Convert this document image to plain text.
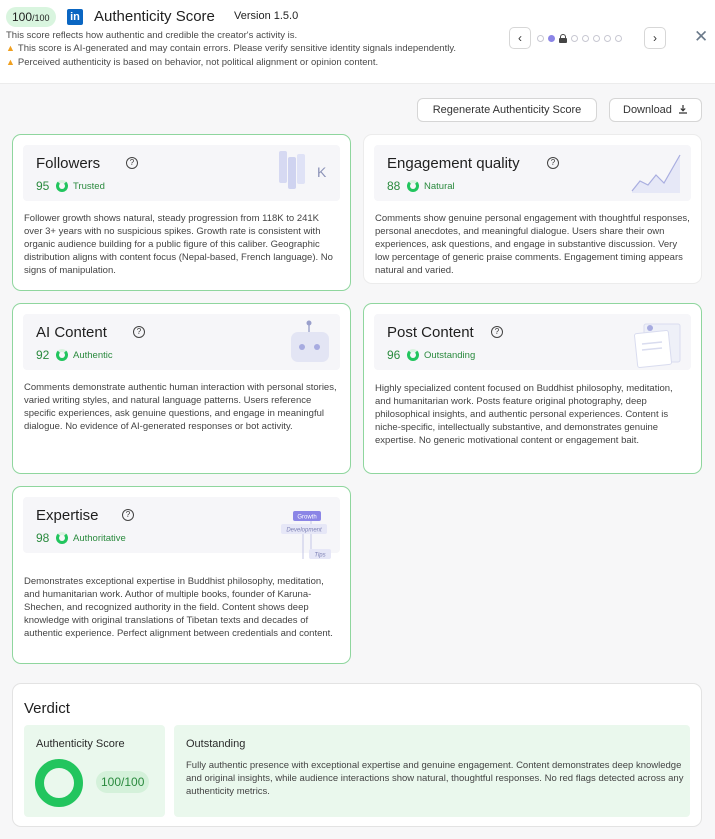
100/100	in Authenticity Score Version 1.5.0
This score reflects how authentic and credible the creator's activity is.
▲ This score is AI-generated and may contain errors. Please verify sensitive identity signals independently.
▲ Perceived authenticity is based on behavior, not political alignment or opinion content.
‹	›	✕
Regenerate Authenticity Score	Download
Followers	?
95 Trusted
K
Follower growth shows natural, steady progression from 118K to 241K over 3+ years with no suspicious spikes. Growth rate is consistent with organic audience building for a public figure of this caliber. Geographic distribution aligns with content focus (Nepal-based, French language). No signs of manipulation.
Engagement quality	?
88 Natural
Comments show genuine personal engagement with thoughtful responses, personal anecdotes, and meaningful dialogue. Users share their own experiences, ask questions, and engage in substantive discussion. Very low percentage of generic praise comments. Engagement timing appears natural and varied.
AI Content	?
92 Authentic
Comments demonstrate authentic human interaction with personal stories, varied writing styles, and natural language patterns. Users reference specific experiences, ask genuine questions, and engage in meaningful dialogue. No evidence of AI-generated responses or bot activity.
Post Content	?
96 Outstanding
Highly specialized content focused on Buddhist philosophy, meditation, and humanitarian work. Posts feature original photography, deep philosophical insights, and authentic personal experiences. Content is niche-specific, intellectually substantive, and demonstrates genuine expertise. No generic motivational content or engagement bait.
Expertise	?
98 Authoritative
Growth
Development
Tips
Demonstrates exceptional expertise in Buddhist philosophy, meditation, and humanitarian work. Author of multiple books, founder of Karuna-Shechen, and recognized authority in the field. Content shows deep knowledge with original translations of Tibetan texts and decades of authentic experience. Perfect alignment between credentials and content.
Verdict
Authenticity Score
100/100
Outstanding
Fully authentic presence with exceptional expertise and genuine engagement. Content demonstrates deep knowledge and original insights, while audience interactions show natural, thoughtful responses. No red flags detected across any authenticity metrics.
